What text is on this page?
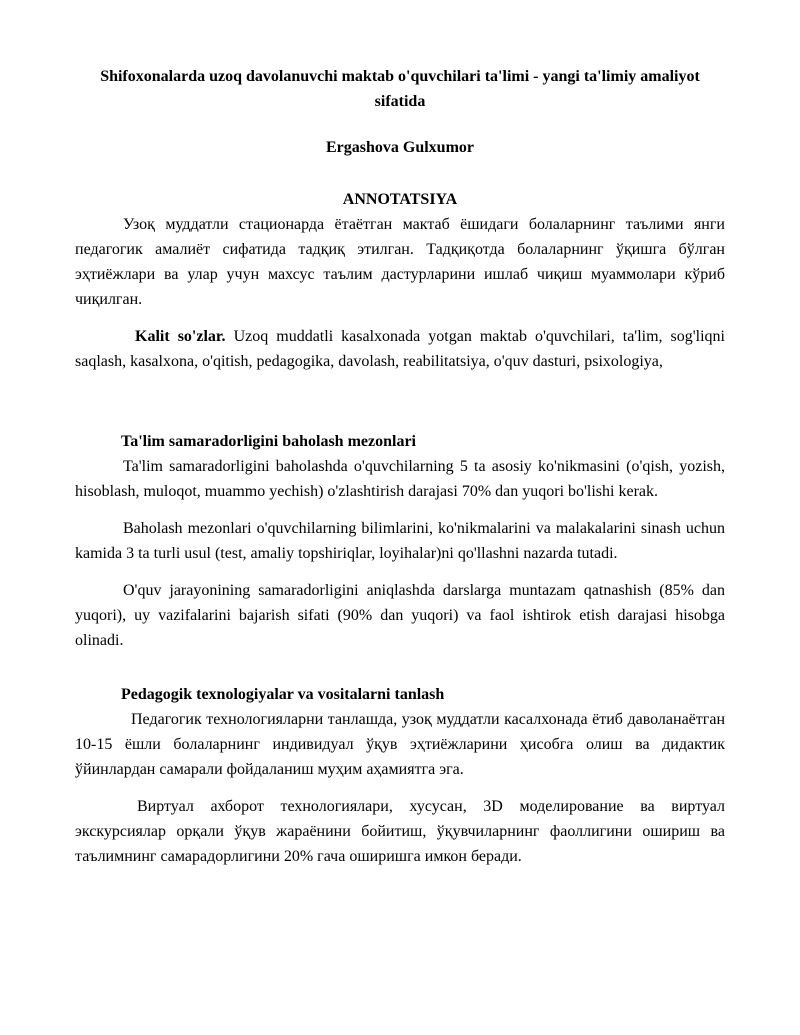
Shifoxonalarda uzoq davolanuvchi maktab o'quvchilari ta'limi - yangi ta'limiy amaliyot sifatida
Ergashova Gulxumor
ANNOTATSIYA

Узоқ муддатли стационарда ётаётган мактаб ёшидаги болаларнинг таълими янги педагогик амалиёт сифатида тадқиқ этилган. Тадқиқотда болаларнинг ўқишга бўлган эҳтиёжлари ва улар учун махсус таълим дастурларини ишлаб чиқиш муаммолари кўриб чиқилган.

Kalit so'zlar. Uzoq muddatli kasalxonada yotgan maktab o'quvchilari, ta'lim, sog'liqni saqlash, kasalxona, o'qitish, pedagogika, davolash, reabilitatsiya, o'quv dasturi, psixologiya,

Ta'lim samaradorligini baholash mezonlari

Ta'lim samaradorligini baholashda o'quvchilarning 5 ta asosiy ko'nikmasini (o'qish, yozish, hisoblash, muloqot, muammo yechish) o'zlashtirish darajasi 70% dan yuqori bo'lishi kerak.

Baholash mezonlari o'quvchilarning bilimlarini, ko'nikmalarini va malakalarini sinash uchun kamida 3 ta turli usul (test, amaliy topshiriqlar, loyihalar)ni qo'llashni nazarda tutadi.

O'quv jarayonining samaradorligini aniqlashda darslarga muntazam qatnashish (85% dan yuqori), uy vazifalarini bajarish sifati (90% dan yuqori) va faol ishtirok etish darajasi hisobga olinadi.

Pedagogik texnologiyalar va vositalarni tanlash

Педагогик технологияларни танлашда, узоқ муддатли касалхонада ётиб даволанаётган 10-15 ёшли болаларнинг индивидуал ўқув эҳтиёжларини ҳисобга олиш ва дидактик ўйинлардан самарали фойдаланиш муҳим аҳамиятга эга.

Виртуал ахборот технологиялари, хусусан, 3D моделирование ва виртуал экскурсиялар орқали ўқув жараёнини бойитиш, ўқувчиларнинг фаоллигини ошириш ва таълимнинг самарадорлигини 20% гача оширишга имкон беради.
